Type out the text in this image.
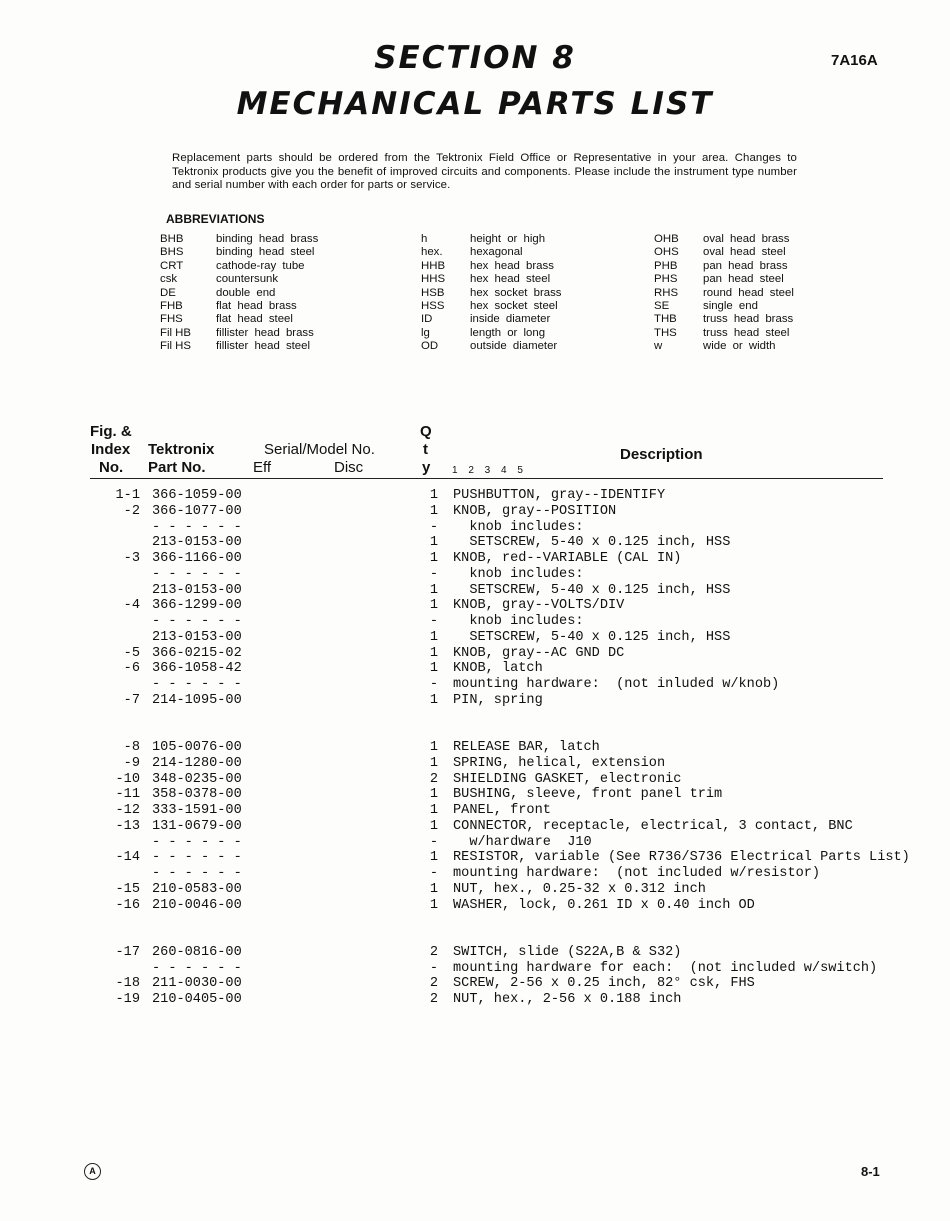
SECTION 8
MECHANICAL PARTS LIST
7A16A
Replacement parts should be ordered from the Tektronix Field Office or Representative in your area. Changes to Tektronix products give you the benefit of improved circuits and components. Please include the instrument type number and serial number with each order for parts or service.
ABBREVIATIONS
BHB	binding head brass
BHS	binding head steel
CRT	cathode-ray tube
csk	countersunk
DE	double end
FHB	flat head brass
FHS	flat head steel
Fil HB	fillister head brass
Fil HS	fillister head steel
h	height or high
hex.	hexagonal
HHB	hex head brass
HHS	hex head steel
HSB	hex socket brass
HSS	hex socket steel
ID	inside diameter
lg	length or long
OD	outside diameter
OHB	oval head brass
OHS	oval head steel
PHB	pan head brass
PHS	pan head steel
RHS	round head steel
SE	single end
THB	truss head brass
THS	truss head steel
w	wide or width
Fig. &
Index
No.
Tektronix
Part No.
Serial/Model No.
Eff	Disc
Q
t
y 1 2 3 4 5
Description
1-1 366-1059-00	1 PUSHBUTTON, gray--IDENTIFY
-2 366-1077-00	1 KNOB, gray--POSITION
- - - - - -	- knob includes:
213-0153-00	1 SETSCREW, 5-40 x 0.125 inch, HSS
-3 366-1166-00	1 KNOB, red--VARIABLE (CAL IN)
- - - - - -	- knob includes:
213-0153-00	1 SETSCREW, 5-40 x 0.125 inch, HSS
-4 366-1299-00	1 KNOB, gray--VOLTS/DIV
- - - - - -	- knob includes:
213-0153-00	1 SETSCREW, 5-40 x 0.125 inch, HSS
-5 366-0215-02	1 KNOB, gray--AC GND DC
-6 366-1058-42	1 KNOB, latch
- - - - - -	- mounting hardware:  (not inluded w/knob)
-7 214-1095-00	1 PIN, spring
-8 105-0076-00	1 RELEASE BAR, latch
-9 214-1280-00	1 SPRING, helical, extension
-10 348-0235-00	2 SHIELDING GASKET, electronic
-11 358-0378-00	1 BUSHING, sleeve, front panel trim
-12 333-1591-00	1 PANEL, front
-13 131-0679-00	1 CONNECTOR, receptacle, electrical, 3 contact, BNC
- - - - - -	- w/hardware  J10
-14 - - - - - -	1 RESISTOR, variable (See R736/S736 Electrical Parts List)
- - - - - -	- mounting hardware:  (not included w/resistor)
-15 210-0583-00	1 NUT, hex., 0.25-32 x 0.312 inch
-16 210-0046-00	1 WASHER, lock, 0.261 ID x 0.40 inch OD
-17 260-0816-00	2 SWITCH, slide (S22A,B & S32)
- - - - - -	- mounting hardware for each:  (not included w/switch)
-18 211-0030-00	2 SCREW, 2-56 x 0.25 inch, 82° csk, FHS
-19 210-0405-00	2 NUT, hex., 2-56 x 0.188 inch
A	8-1
